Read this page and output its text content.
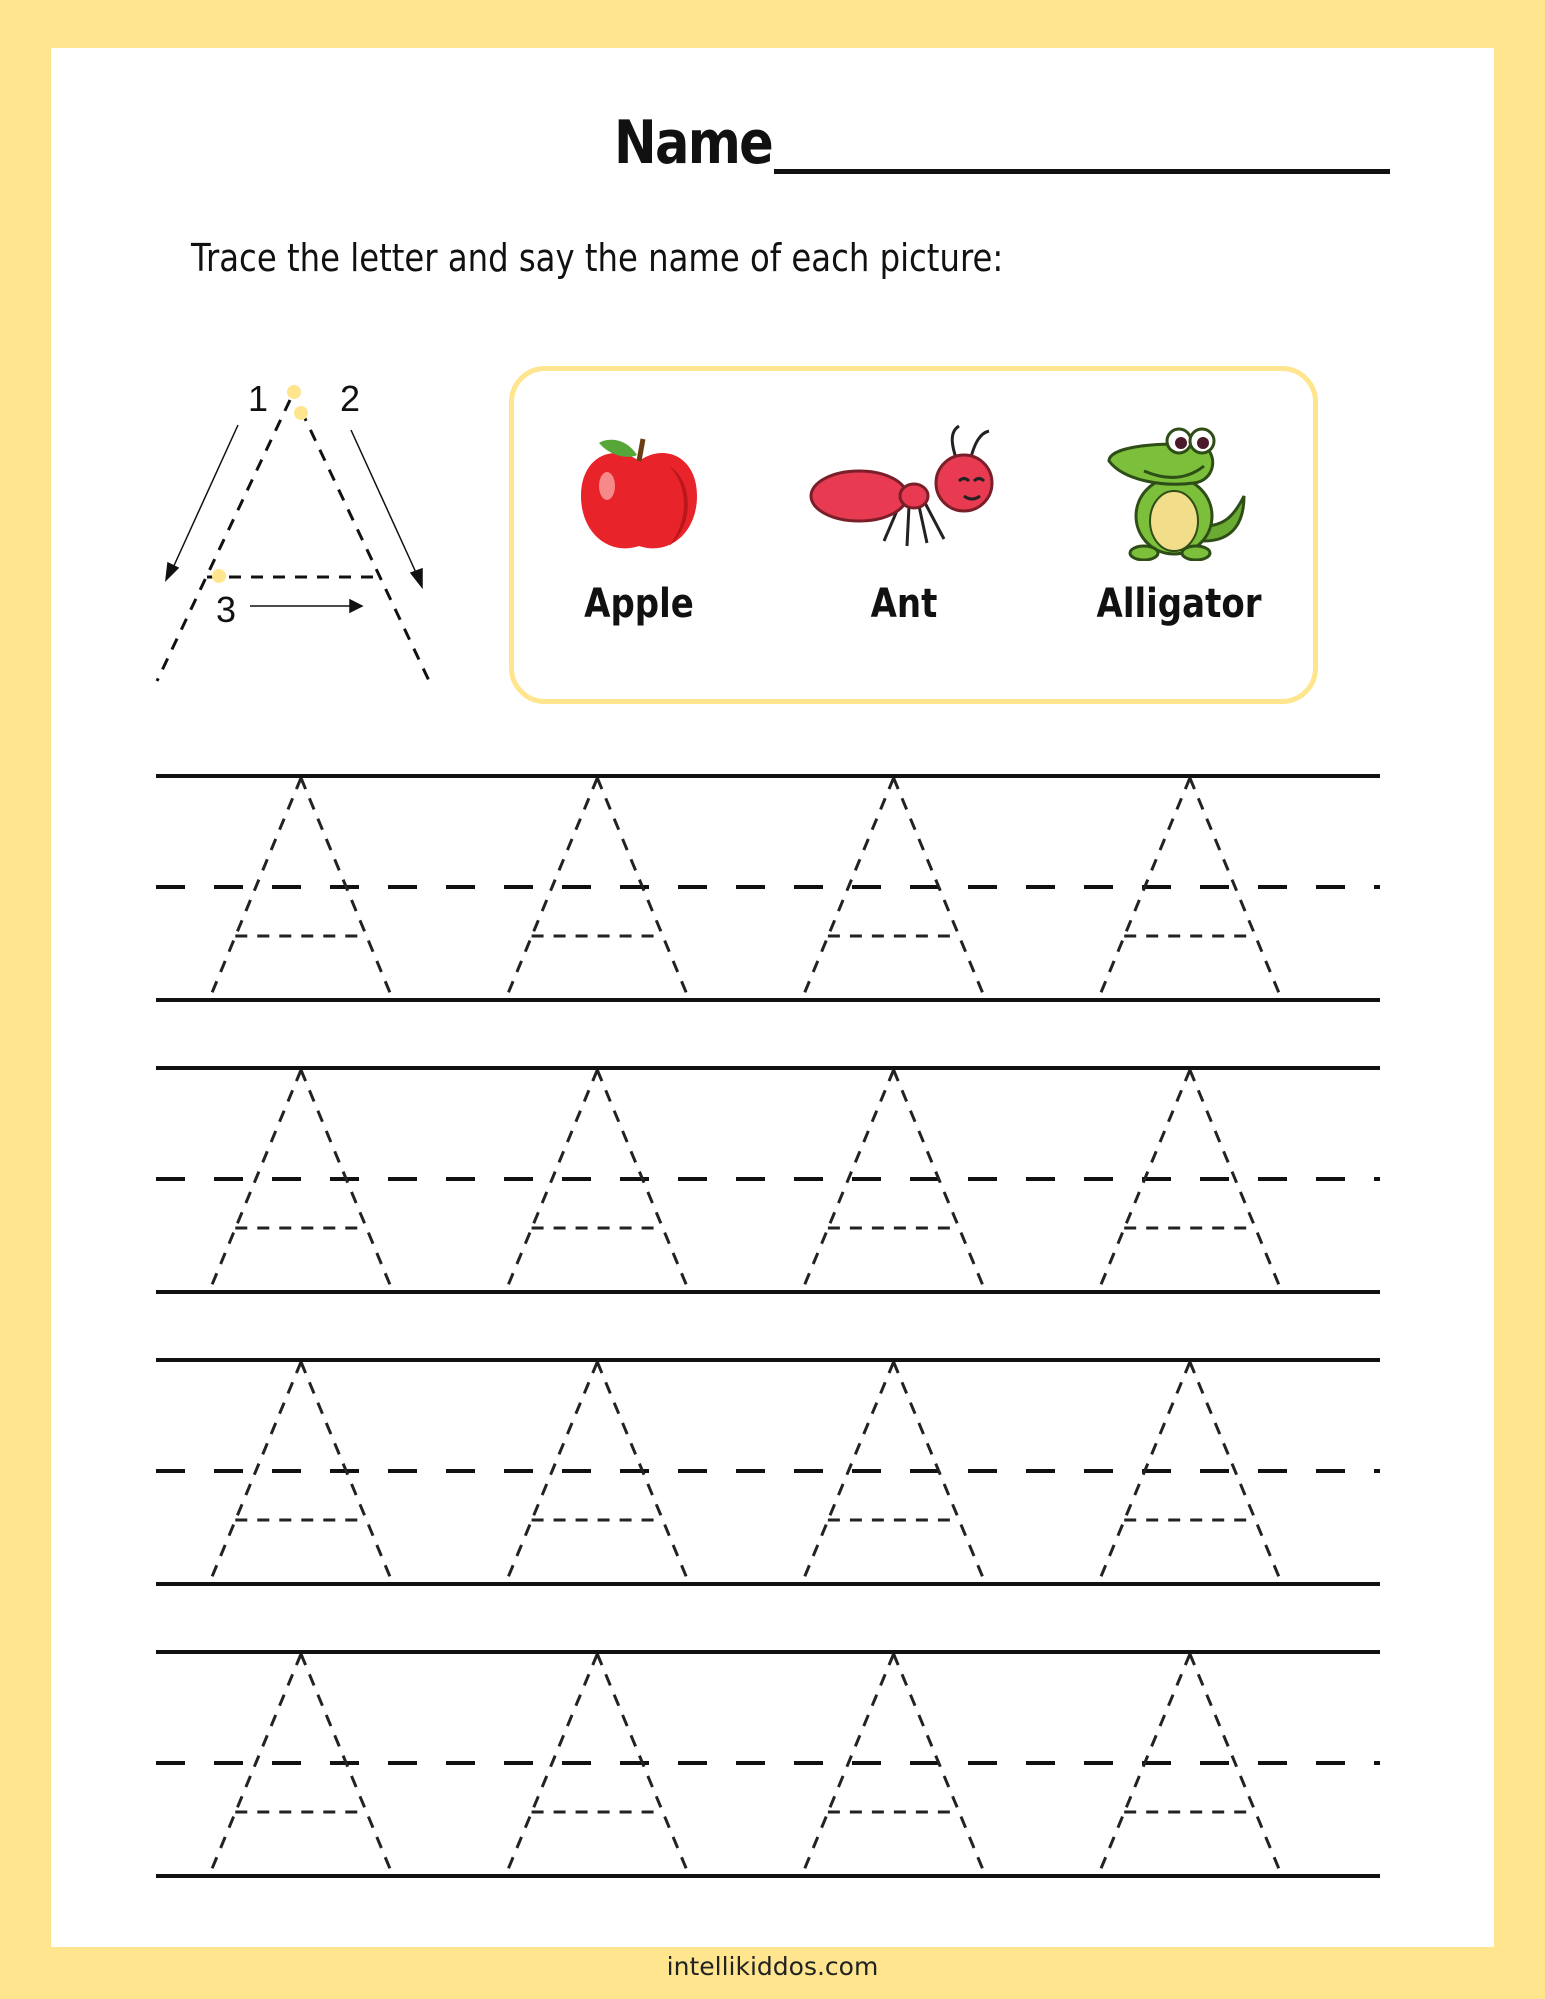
Name
Trace the letter and say the name of each picture:
1 2
3	Apple	Ant	Alligator
intellikiddos.com
